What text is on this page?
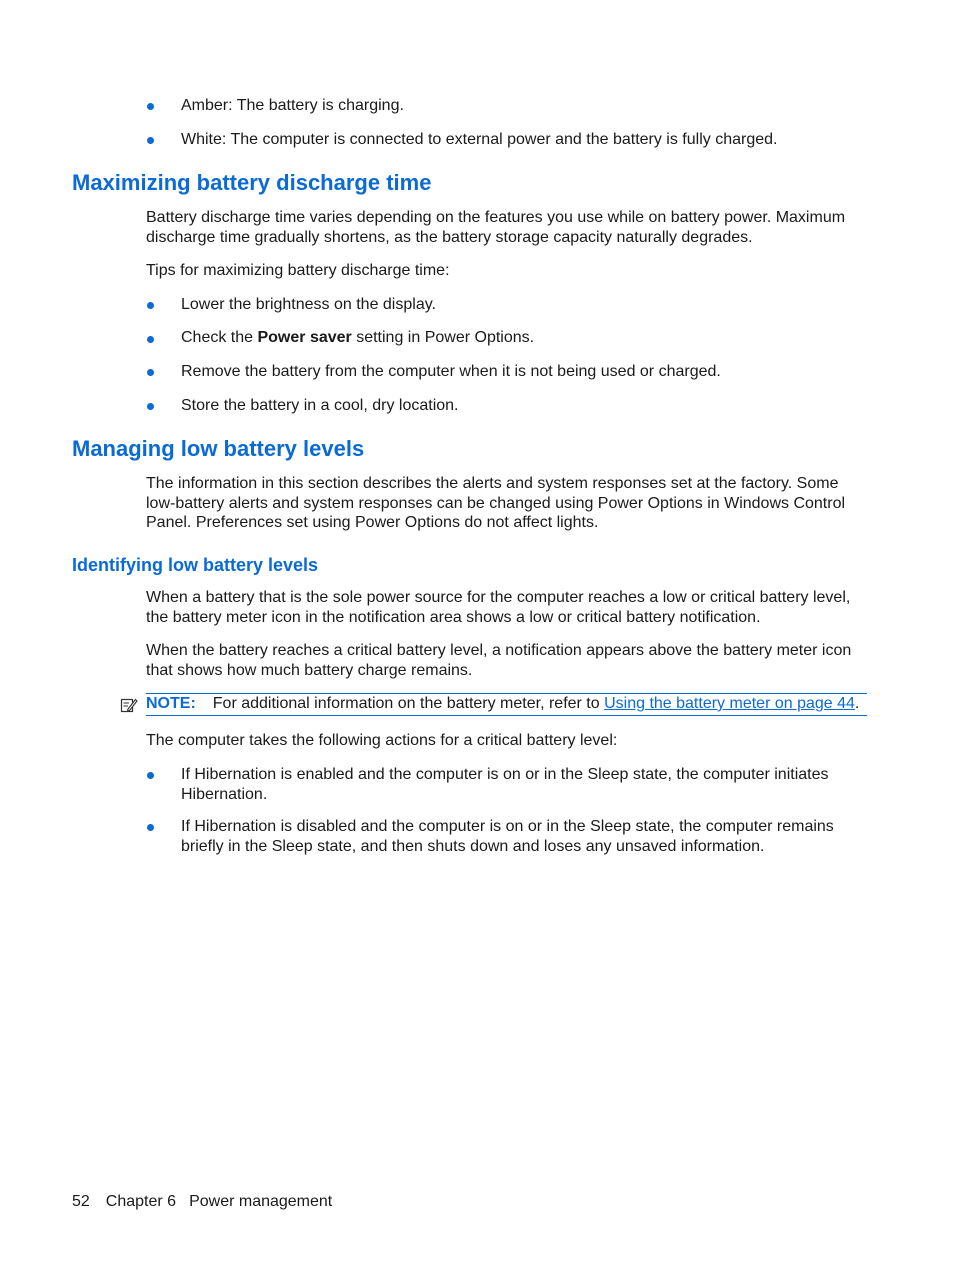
Amber: The battery is charging.
White: The computer is connected to external power and the battery is fully charged.
Maximizing battery discharge time
Battery discharge time varies depending on the features you use while on battery power. Maximum discharge time gradually shortens, as the battery storage capacity naturally degrades.
Tips for maximizing battery discharge time:
Lower the brightness on the display.
Check the Power saver setting in Power Options.
Remove the battery from the computer when it is not being used or charged.
Store the battery in a cool, dry location.
Managing low battery levels
The information in this section describes the alerts and system responses set at the factory. Some low-battery alerts and system responses can be changed using Power Options in Windows Control Panel. Preferences set using Power Options do not affect lights.
Identifying low battery levels
When a battery that is the sole power source for the computer reaches a low or critical battery level, the battery meter icon in the notification area shows a low or critical battery notification.
When the battery reaches a critical battery level, a notification appears above the battery meter icon that shows how much battery charge remains.
NOTE: For additional information on the battery meter, refer to Using the battery meter on page 44.
The computer takes the following actions for a critical battery level:
If Hibernation is enabled and the computer is on or in the Sleep state, the computer initiates Hibernation.
If Hibernation is disabled and the computer is on or in the Sleep state, the computer remains briefly in the Sleep state, and then shuts down and loses any unsaved information.
52 Chapter 6 Power management
